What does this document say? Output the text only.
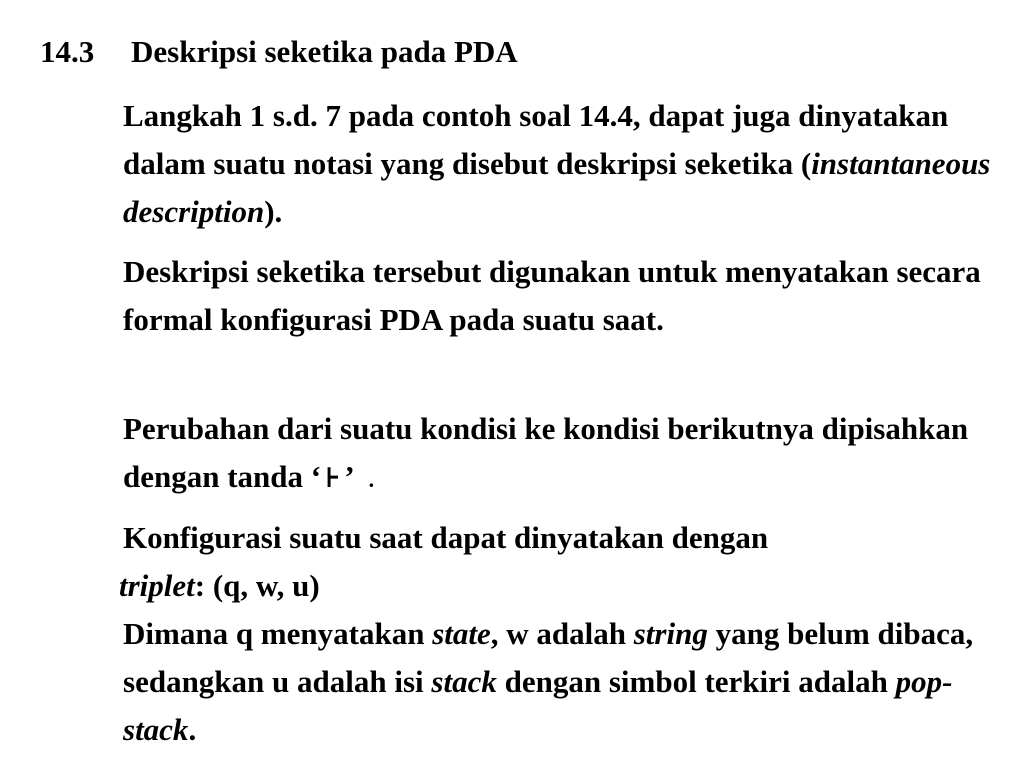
14.3 Deskripsi seketika pada PDA

Langkah 1 s.d. 7 pada contoh soal 14.4, dapat juga dinyatakan dalam suatu notasi yang disebut deskripsi seketika (instantaneous description).

Deskripsi seketika tersebut digunakan untuk menyatakan secara formal konfigurasi PDA pada suatu saat.

Perubahan dari suatu kondisi ke kondisi berikutnya dipisahkan dengan tanda ‘ ⊦ ’ .

Konfigurasi suatu saat dapat dinyatakan dengan
triplet: (q, w, u)
Dimana q menyatakan state, w adalah string yang belum dibaca, sedangkan u adalah isi stack dengan simbol terkiri adalah pop-stack.
